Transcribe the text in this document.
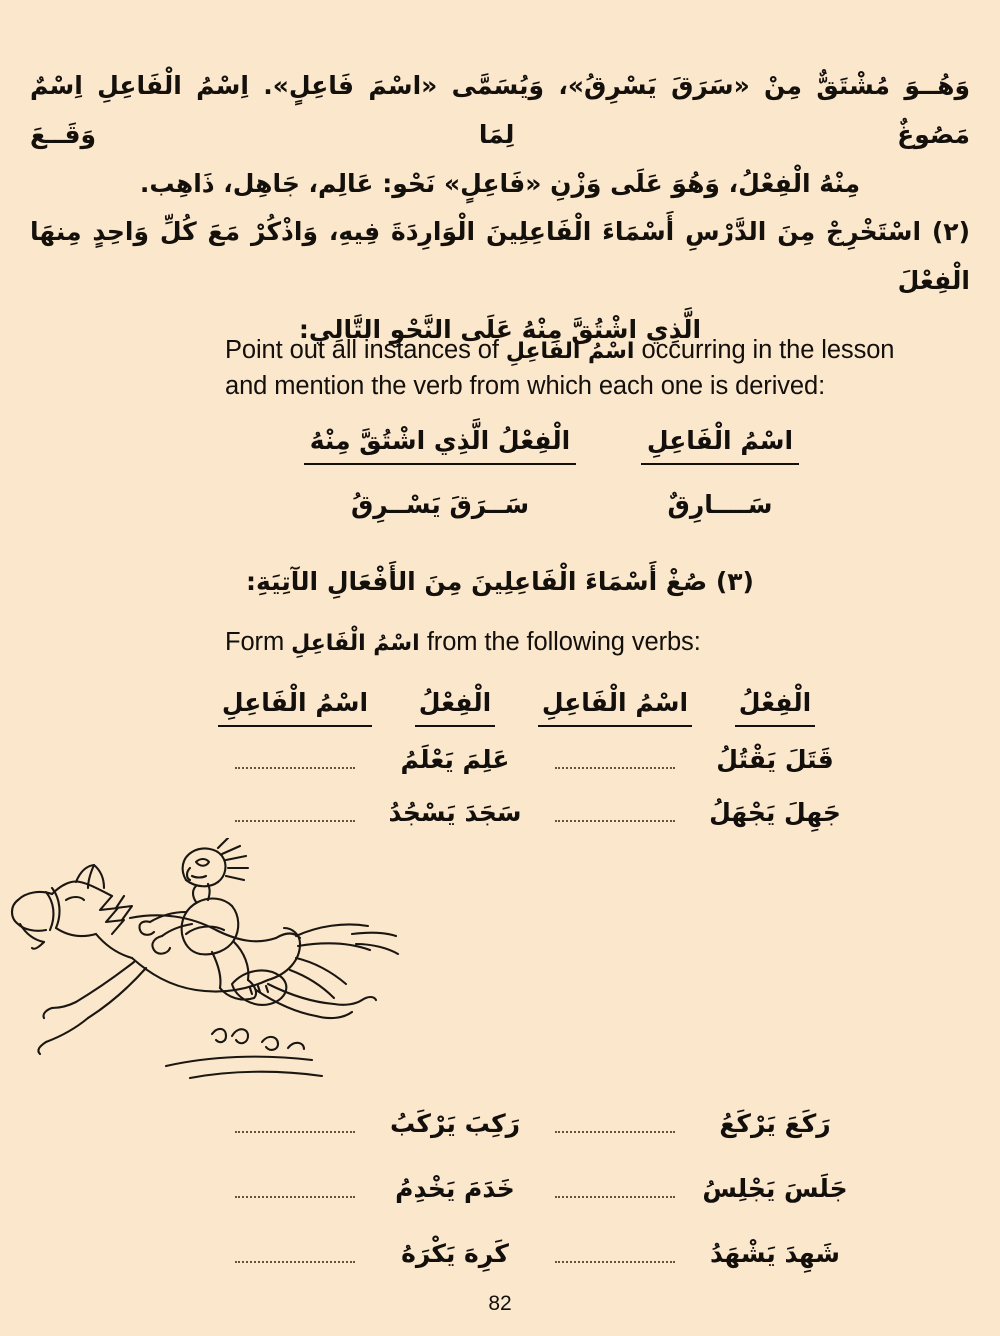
وَهُــوَ مُشْتَقٌّ مِنْ «سَرَقَ يَسْرِقُ»، وَيُسَمَّى «اسْمَ فَاعِلٍ». اِسْمُ الْفَاعِلِ اِسْمٌ مَصُوغٌ لِمَا وَقَــعَ
مِنْهُ الْفِعْلُ، وَهُوَ عَلَى وَزْنِ «فَاعِلٍ» نَحْو: عَالِم، جَاهِل، ذَاهِب.
(٢) اسْتَخْرِجْ مِنَ الدَّرْسِ أَسْمَاءَ الْفَاعِلِينَ الْوَارِدَةَ فِيهِ، وَاذْكُرْ مَعَ كُلِّ وَاحِدٍ مِنهَا الْفِعْلَ
الَّذِي اشْتُقَّ مِنْهُ عَلَى النَّحْوِ التَّالِي:
Point out all instances of اسْمُ الفَاعِلِ occurring in the lesson and mention the verb from which each one is derived:
اسْمُ الْفَاعِلِ
الْفِعْلُ الَّذِي اشْتُقَّ مِنْهُ
سَــــارِقٌ
سَــرَقَ يَسْــرِقُ
(٣) صُغْ أَسْمَاءَ الْفَاعِلِينَ مِنَ الأَفْعَالِ الآتِيَةِ:
Form اسْمُ الْفَاعِلِ from the following verbs:
الْفِعْلُ
اسْمُ الْفَاعِلِ
الْفِعْلُ
اسْمُ الْفَاعِلِ
قَتَلَ يَقْتُلُ
عَلِمَ يَعْلَمُ
جَهِلَ يَجْهَلُ
سَجَدَ يَسْجُدُ
رَكَعَ يَرْكَعُ
رَكِبَ يَرْكَبُ
جَلَسَ يَجْلِسُ
خَدَمَ يَخْدِمُ
شَهِدَ يَشْهَدُ
كَرِهَ يَكْرَهُ
82
